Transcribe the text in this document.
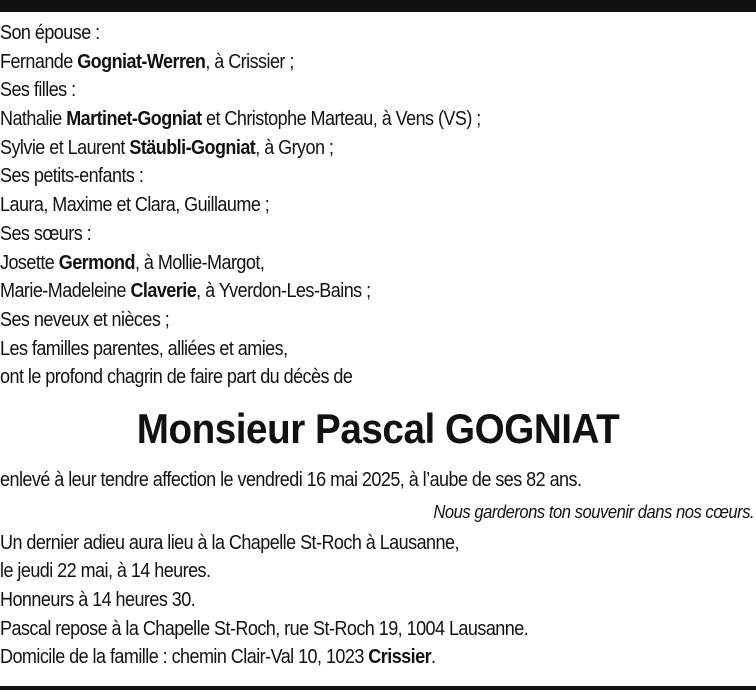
Son épouse :
Fernande Gogniat-Werren, à Crissier ;
Ses filles :
Nathalie Martinet-Gogniat et Christophe Marteau, à Vens (VS) ;
Sylvie et Laurent Stäubli-Gogniat, à Gryon ;
Ses petits-enfants :
Laura, Maxime et Clara, Guillaume ;
Ses sœurs :
Josette Germond, à Mollie-Margot,
Marie-Madeleine Claverie, à Yverdon-Les-Bains ;
Ses neveux et nièces ;
Les familles parentes, alliées et amies,
ont le profond chagrin de faire part du décès de
Monsieur Pascal GOGNIAT
enlevé à leur tendre affection le vendredi 16 mai 2025, à l’aube de ses 82 ans.
Nous garderons ton souvenir dans nos cœurs.
Un dernier adieu aura lieu à la Chapelle St-Roch à Lausanne,
le jeudi 22 mai, à 14 heures.
Honneurs à 14 heures 30.
Pascal repose à la Chapelle St-Roch, rue St-Roch 19, 1004 Lausanne.
Domicile de la famille : chemin Clair-Val 10, 1023 Crissier.
